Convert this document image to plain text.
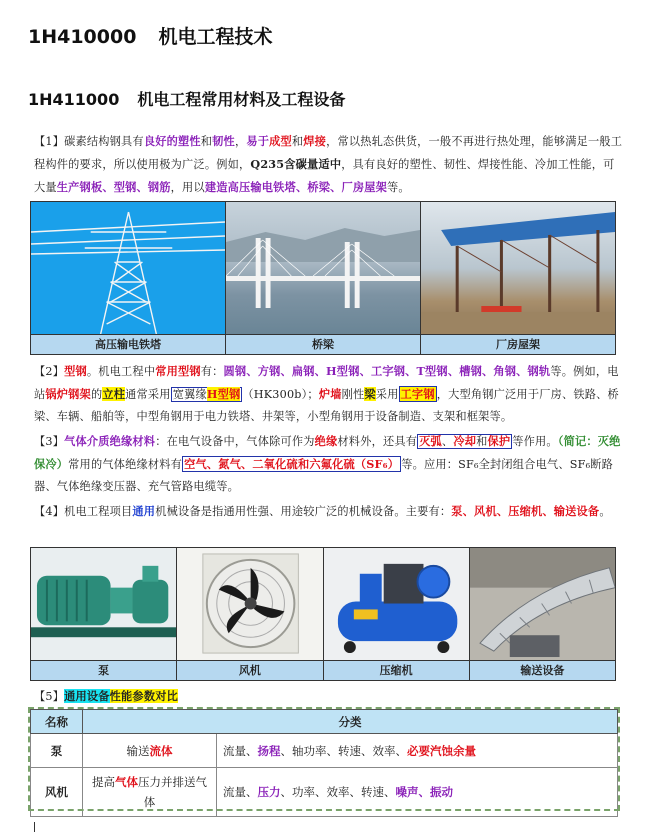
1H410000 机电工程技术
1H411000 机电工程常用材料及工程设备
【1】碳素结构钢具有良好的塑性和韧性，易于成型和焊接，常以热轧态供货，一般不再进行热处理，能够满足一般工程构件的要求，所以使用极为广泛。例如，Q235含碳量适中，具有良好的塑性、韧性、焊接性能、冷加工性能，可大量生产钢板、型钢、钢筋，用以建造高压输电铁塔、桥梁、厂房屋架等。
高压输电铁塔	桥梁	厂房屋架
【2】型钢。机电工程中常用型钢有：圆钢、方钢、扁钢、H型钢、工字钢、T型钢、槽钢、角钢、钢轨等。例如，电站锅炉钢架的立柱通常采用 宽翼缘H型钢 （HK300b）；炉墙刚性梁采用 工字钢 ，大型角钢广泛用于厂房、铁路、桥梁、车辆、船舶等，中型角钢用于电力铁塔、井架等，小型角钢用于设备制造、支架和框架等。
【3】气体介质绝缘材料：在电气设备中，气体除可作为绝缘材料外，还具有 灭弧、冷却和保护 等作用。（简记：灭绝保冷）常用的气体绝缘材料有 空气、氮气、二氧化硫和六氟化硫（SF₆） 等。应用：SF₆全封闭组合电气、SF₆断路器、气体绝缘变压器、充气管路电缆等。
【4】机电工程项目通用机械设备是指通用性强、用途较广泛的机械设备。主要有：泵、风机、压缩机、输送设备。
泵	风机	压缩机	输送设备
【5】通用设备性能参数对比
名称	分类	
泵	输送流体	流量、扬程、轴功率、转速、效率、必要汽蚀余量
风机	提高气体压力并排送气体	流量、压力、功率、效率、转速、噪声、振动
